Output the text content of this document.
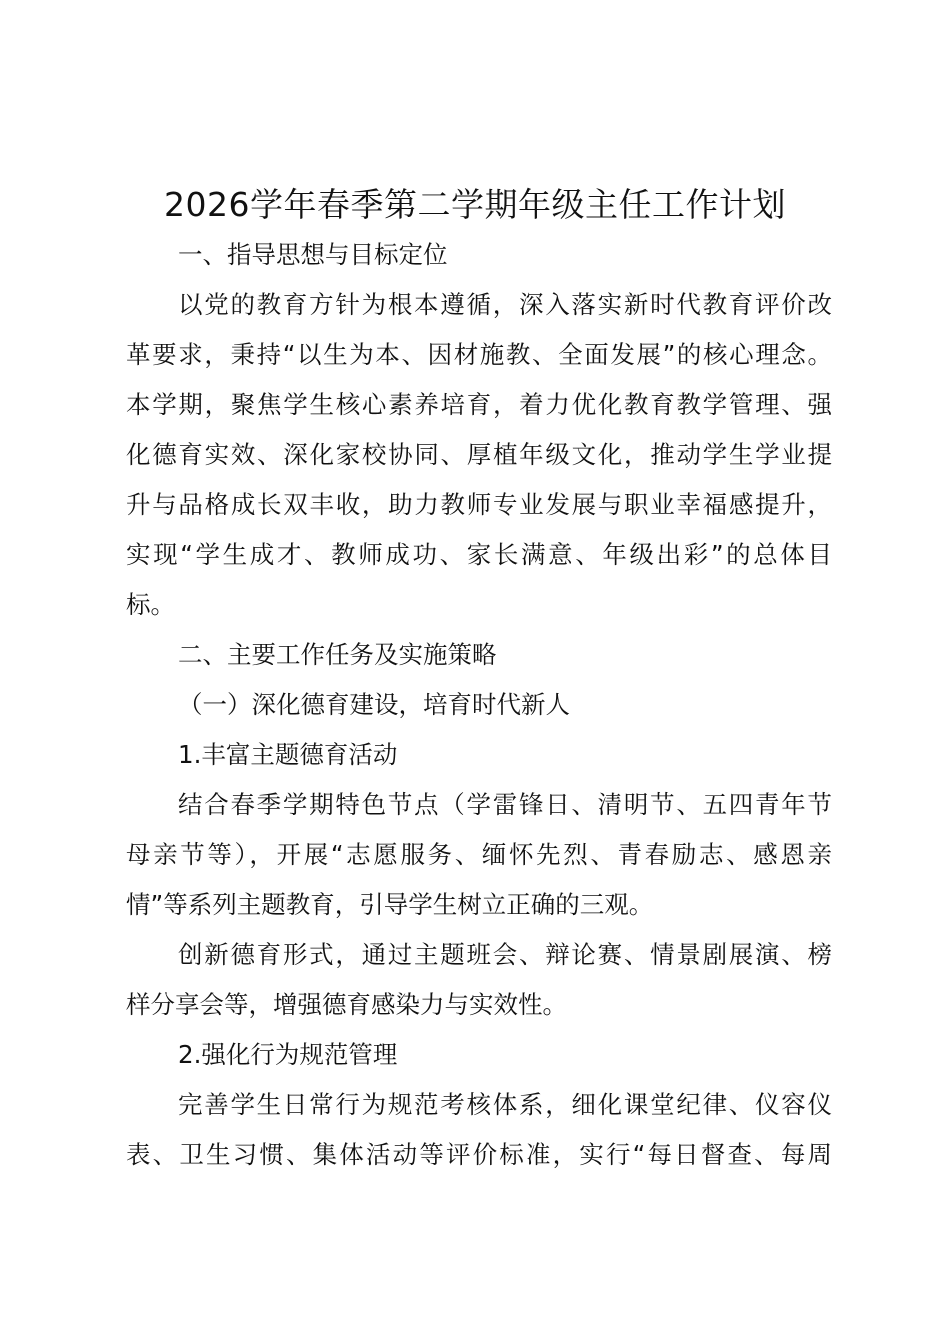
2026学年春季第二学期年级主任工作计划

一、指导思想与目标定位

以党的教育方针为根本遵循，深入落实新时代教育评价改

革要求，秉持“以生为本、因材施教、全面发展”的核心理念。

本学期，聚焦学生核心素养培育，着力优化教育教学管理、强

化德育实效、深化家校协同、厚植年级文化，推动学生学业提

升与品格成长双丰收，助力教师专业发展与职业幸福感提升，

实现“学生成才、教师成功、家长满意、年级出彩”的总体目

标。

二、主要工作任务及实施策略

（一）深化德育建设，培育时代新人

1.丰富主题德育活动

结合春季学期特色节点（学雷锋日、清明节、五四青年节

母亲节等），开展“志愿服务、缅怀先烈、青春励志、感恩亲

情”等系列主题教育，引导学生树立正确的三观。

创新德育形式，通过主题班会、辩论赛、情景剧展演、榜

样分享会等，增强德育感染力与实效性。

2.强化行为规范管理

完善学生日常行为规范考核体系，细化课堂纪律、仪容仪

表、卫生习惯、集体活动等评价标准，实行“每日督查、每周
